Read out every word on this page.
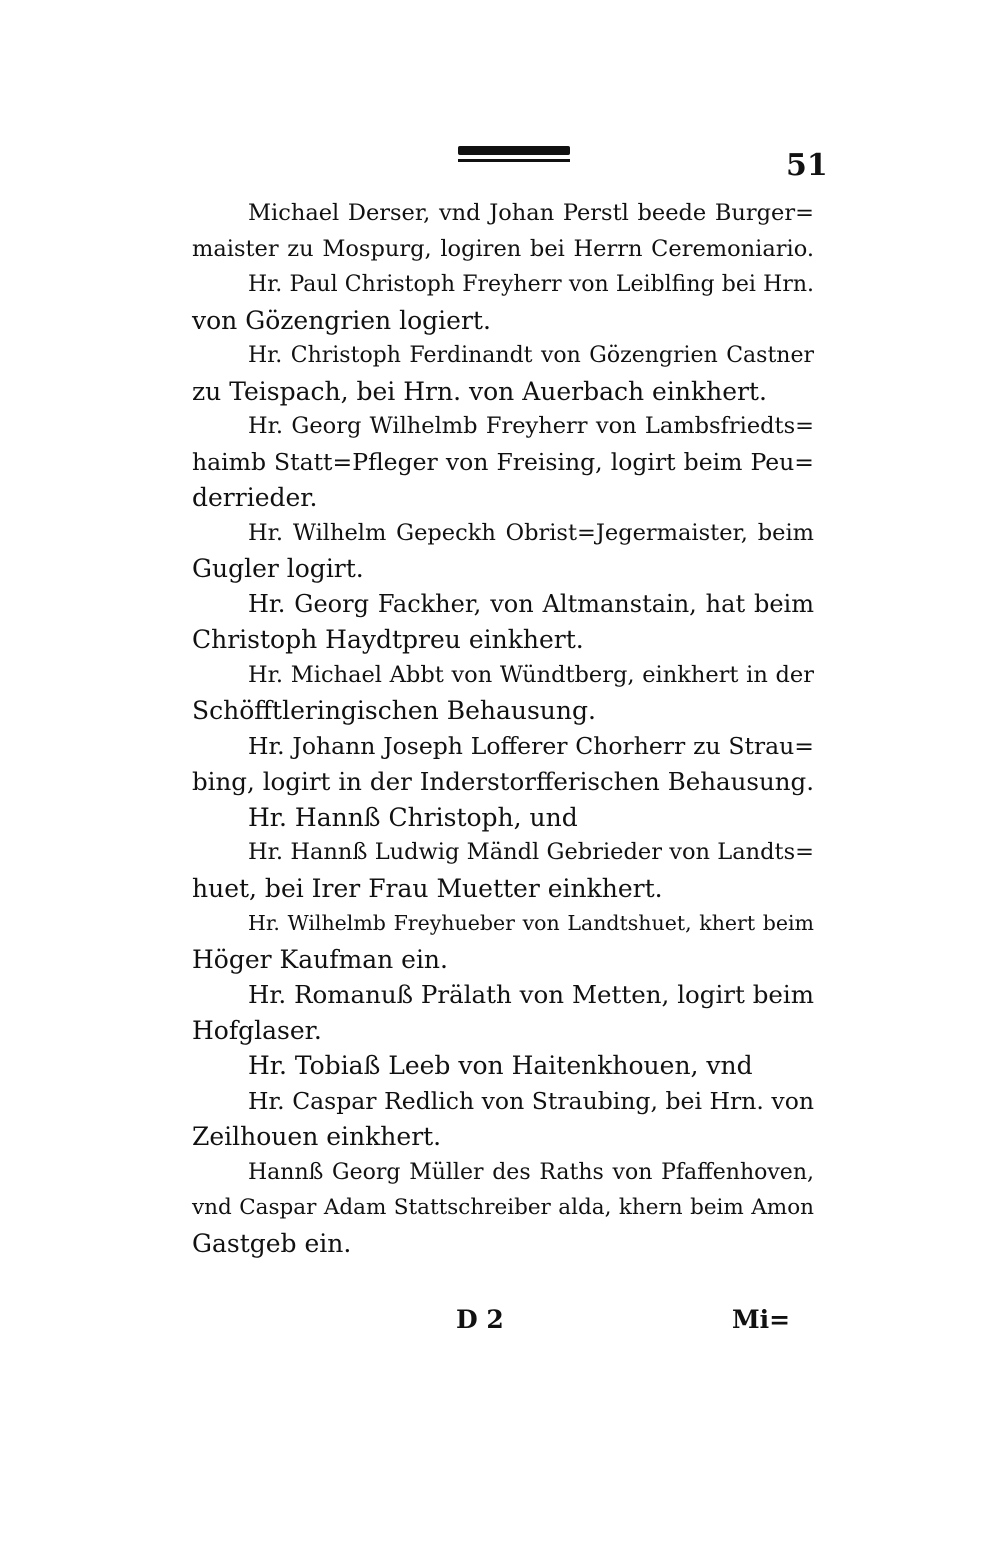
51
Michael Derser, vnd Johan Perstl beede Burger=
maister zu Mospurg, logiren bei Herrn Ceremoniario.
Hr. Paul Christoph Freyherr von Leiblfing bei Hrn.
von Gözengrien logiert.
Hr. Christoph Ferdinandt von Gözengrien Castner
zu Teispach, bei Hrn. von Auerbach einkhert.
Hr. Georg Wilhelmb Freyherr von Lambsfriedts=
haimb Statt=Pfleger von Freising, logirt beim Peu=
derrieder.
Hr. Wilhelm Gepeckh Obrist=Jegermaister, beim
Gugler logirt.
Hr. Georg Fackher, von Altmanstain, hat beim
Christoph Haydtpreu einkhert.
Hr. Michael Abbt von Wündtberg, einkhert in der
Schöfftleringischen Behausung.
Hr. Johann Joseph Lofferer Chorherr zu Strau=
bing, logirt in der Inderstorfferischen Behausung.
Hr. Hannß Christoph, und
Hr. Hannß Ludwig Mändl Gebrieder von Landts=
huet, bei Irer Frau Muetter einkhert.
Hr. Wilhelmb Freyhueber von Landtshuet, khert beim
Höger Kaufman ein.
Hr. Romanuß Prälath von Metten, logirt beim
Hofglaser.
Hr. Tobiaß Leeb von Haitenkhouen, vnd
Hr. Caspar Redlich von Straubing, bei Hrn. von
Zeilhouen einkhert.
Hannß Georg Müller des Raths von Pfaffenhoven,
vnd Caspar Adam Stattschreiber alda, khern beim Amon
Gastgeb ein.
D 2	Mi=
